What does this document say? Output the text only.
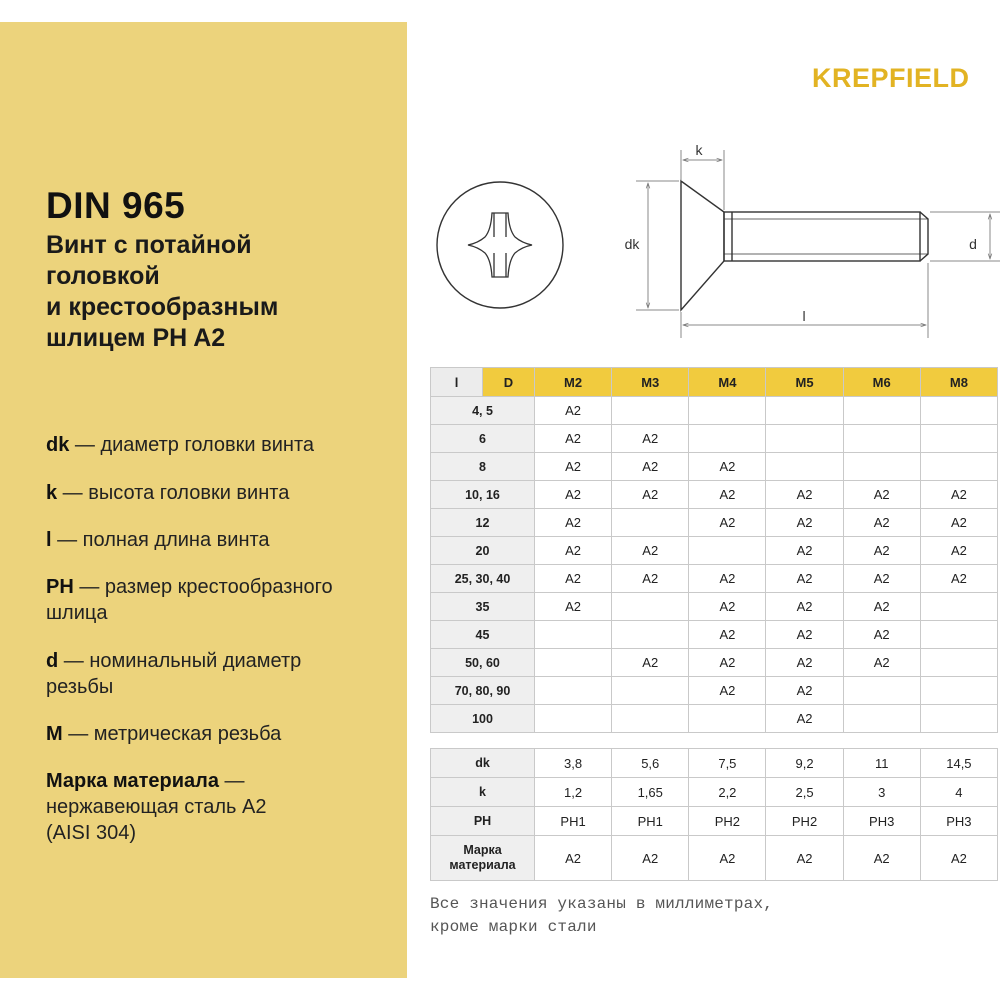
DIN 965
Винт с потайной
головкой
и крестообразным
шлицем PH A2
dk — диаметр головки винта
k — высота головки винта
l — полная длина винта
PH — размер крестообразного шлица
d — номинальный диаметр резьбы
M — метрическая резьба
Марка материала — нержавеющая сталь A2 (AISI 304)
KREPFIELD
k
dk	d
l
l	D	M2	M3	M4	M5	M6	M8
4, 5		A2					
6		A2	A2				
8		A2	A2	A2			
10, 16		A2	A2	A2	A2	A2	A2
12		A2		A2	A2	A2	A2
20		A2	A2		A2	A2	A2
25, 30, 40		A2	A2	A2	A2	A2	A2
35		A2		A2	A2	A2	
45				A2	A2	A2	
50, 60			A2	A2	A2	A2	
70, 80, 90				A2	A2		
100					A2		
dk	3,8	5,6	7,5	9,2	11	14,5
k	1,2	1,65	2,2	2,5	3	4
PH	PH1	PH1	PH2	PH2	PH3	PH3

Марка
материала	A2	A2	A2	A2	A2	A2
Все значения указаны в миллиметрах,
кроме марки стали
